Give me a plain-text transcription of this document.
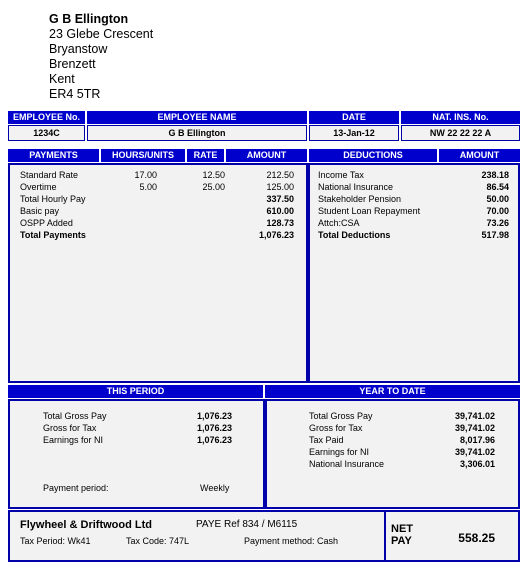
G B Ellington
23 Glebe Crescent
Bryanstow
Brenzett
Kent
ER4 5TR
EMPLOYEE No.	EMPLOYEE NAME	DATE	NAT. INS. No.
1234C	G B Ellington	13-Jan-12	NW 22 22 22 A
PAYMENTS	HOURS/UNITS	RATE	AMOUNT	DEDUCTIONS	AMOUNT
Standard Rate	17.00	12.50	212.50
Overtime	5.00	25.00	125.00
Total Hourly Pay	337.50
Basic pay	610.00
OSPP Added	128.73
Total Payments	1,076.23
Income Tax	238.18
National Insurance	86.54
Stakeholder Pension	50.00
Student Loan Repayment	70.00
Attch:CSA	73.26
Total Deductions	517.98
THIS PERIOD	YEAR TO DATE
Total Gross Pay	1,076.23
Gross for Tax	1,076.23
Earnings for NI	1,076.23
Payment period:	Weekly
Total Gross Pay	39,741.02
Gross for Tax	39,741.02
Tax Paid	8,017.96
Earnings for NI	39,741.02
National Insurance	3,306.01
Flywheel & Driftwood Ltd	PAYE Ref 834 / M6115
Tax Period: Wk41	Tax Code: 747L	Payment method: Cash
NET
PAY	558.25
